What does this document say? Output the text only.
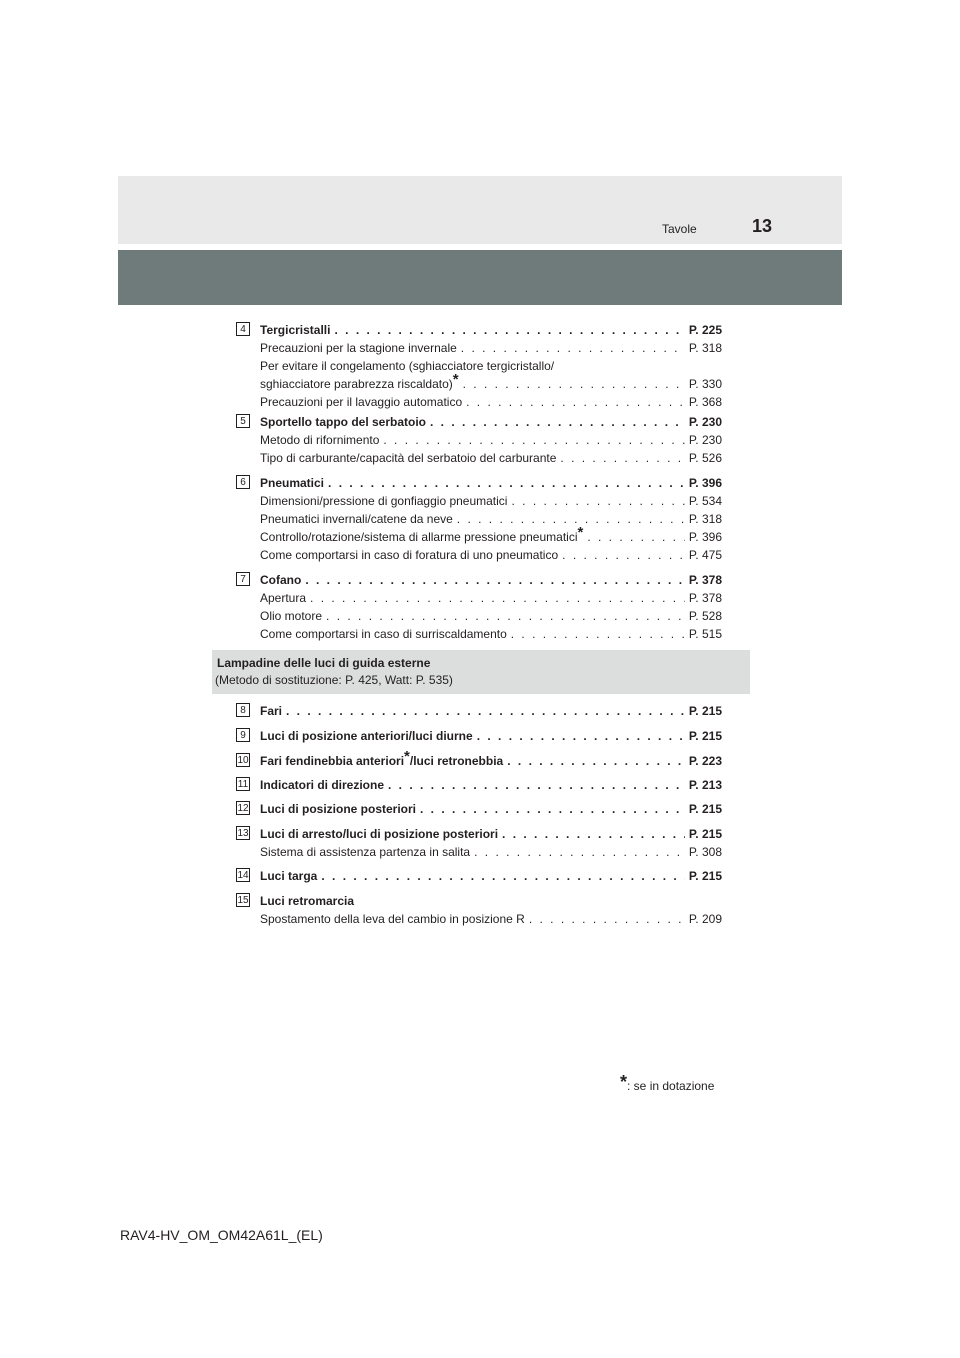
Tavole	13
4	Tergicristalli . . .	P. 225
Precauzioni per la stagione invernale . . .	P. 318
Per evitare il congelamento (sghiacciatore tergicristallo/
sghiacciatore parabrezza riscaldato)* . . .	P. 330
Precauzioni per il lavaggio automatico . . .	P. 368
5	Sportello tappo del serbatoio . . .	P. 230
Metodo di rifornimento . . .	P. 230
Tipo di carburante/capacità del serbatoio del carburante . . .	P. 526
6	Pneumatici . . .	P. 396
Dimensioni/pressione di gonfiaggio pneumatici . . .	P. 534
Pneumatici invernali/catene da neve . . .	P. 318
Controllo/rotazione/sistema di allarme pressione pneumatici* . . .	P. 396
Come comportarsi in caso di foratura di uno pneumatico . . .	P. 475
7	Cofano . . .	P. 378
Apertura . . .	P. 378
Olio motore . . .	P. 528
Come comportarsi in caso di surriscaldamento . . .	P. 515
8	Fari . . .	P. 215
9	Luci di posizione anteriori/luci diurne . . .	P. 215
10 Fari fendinebbia anteriori*/luci retronebbia . . .	P. 223
11 Indicatori di direzione . . .	P. 213
12 Luci di posizione posteriori . . .	P. 215
13 Luci di arresto/luci di posizione posteriori . . .	P. 215
Sistema di assistenza partenza in salita . . .	P. 308
14 Luci targa . . .	P. 215
15 Luci retromarcia
Spostamento della leva del cambio in posizione R . . .	P. 209
Lampadine delle luci di guida esterne
(Metodo di sostituzione: P. 425, Watt: P. 535)
*: se in dotazione
RAV4-HV_OM_OM42A61L_(EL)
